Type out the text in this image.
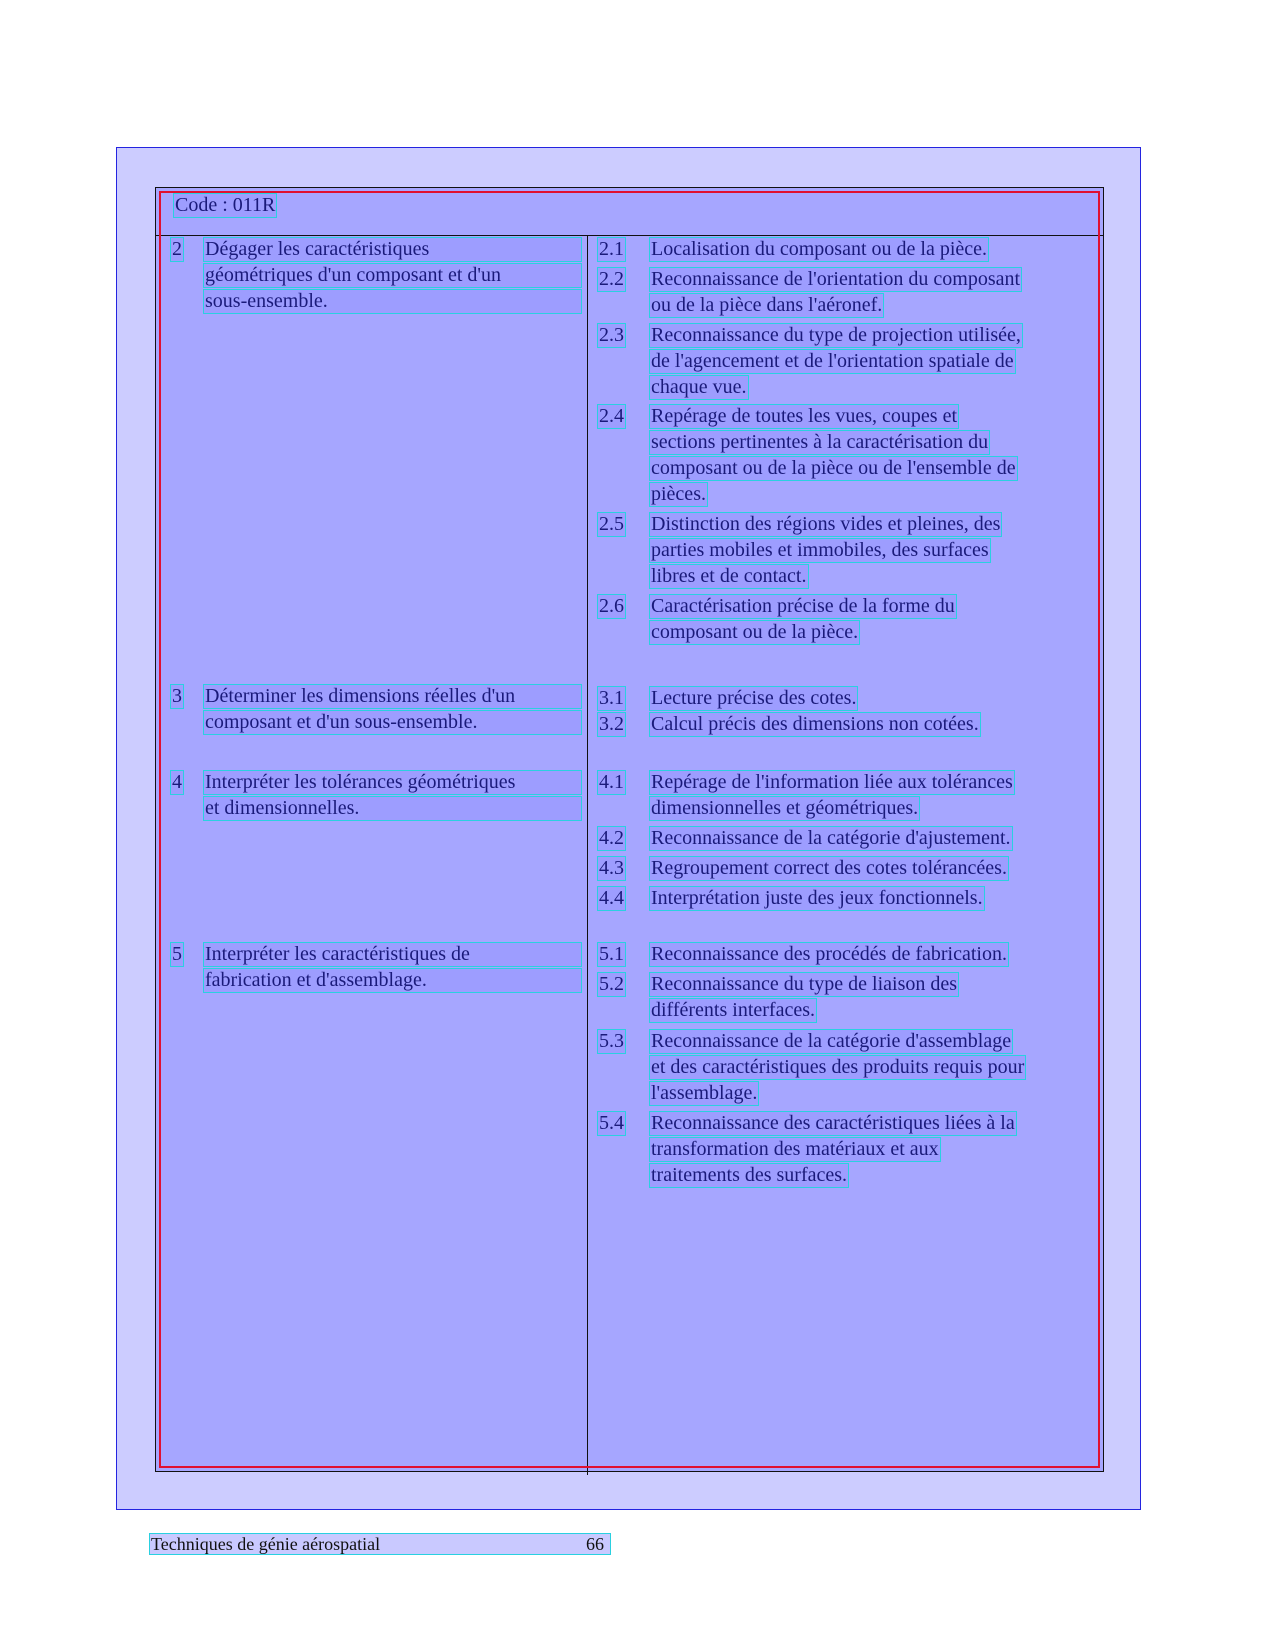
Code : 011R
2 Dégager les caractéristiques
géométriques d'un composant et d'un
sous-ensemble.
2.1 Localisation du composant ou de la pièce.
2.2 Reconnaissance de l'orientation du composant
ou de la pièce dans l'aéronef.
2.3 Reconnaissance du type de projection utilisée,
de l'agencement et de l'orientation spatiale de
chaque vue.
2.4 Repérage de toutes les vues, coupes et
sections pertinentes à la caractérisation du
composant ou de la pièce ou de l'ensemble de
pièces.
2.5 Distinction des régions vides et pleines, des
parties mobiles et immobiles, des surfaces
libres et de contact.
2.6 Caractérisation précise de la forme du
composant ou de la pièce.
3 Déterminer les dimensions réelles d'un
composant et d'un sous-ensemble.
3.1 Lecture précise des cotes.
3.2 Calcul précis des dimensions non cotées.
4 Interpréter les tolérances géométriques
et dimensionnelles.
4.1 Repérage de l'information liée aux tolérances
dimensionnelles et géométriques.
4.2 Reconnaissance de la catégorie d'ajustement.
4.3 Regroupement correct des cotes tolérancées.
4.4 Interprétation juste des jeux fonctionnels.
5 Interpréter les caractéristiques de
fabrication et d'assemblage.
5.1 Reconnaissance des procédés de fabrication.
5.2 Reconnaissance du type de liaison des
différents interfaces.
5.3 Reconnaissance de la catégorie d'assemblage
et des caractéristiques des produits requis pour
l'assemblage.
5.4 Reconnaissance des caractéristiques liées à la
transformation des matériaux et aux
traitements des surfaces.
Techniques de génie aérospatial	66
